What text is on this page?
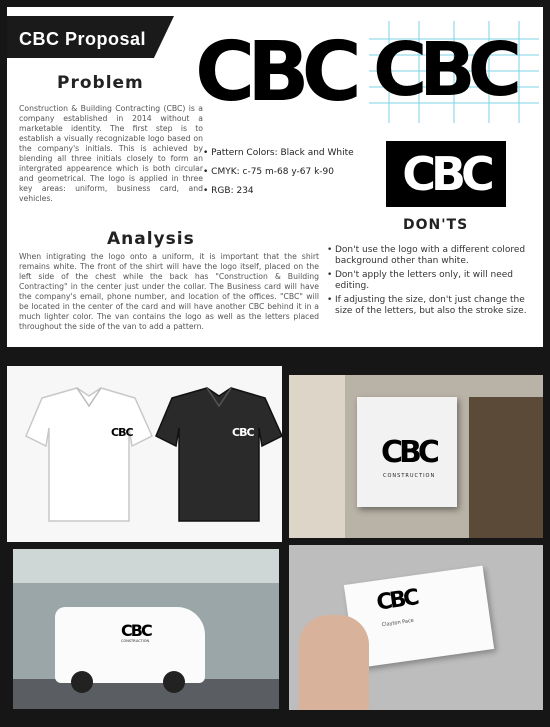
CBC Proposal
Problem
Construction & Building Contracting (CBC) is a company established in 2014 without a marketable identity. The first step is to establish a visually recognizable logo based on the company's initials. This is achieved by blending all three initials closely to form an intergrated appearence which is both circular and geometrical. The logo is applied in three key areas: uniform, business card, and vehicles.
Analysis
When intigrating the logo onto a uniform, it is important that the shirt remains white. The front of the shirt will have the logo itself, placed on the left side of the chest while the back has "Construction & Building Contracting" in the center just under the collar. The Business card will have the company's email, phone number, and location of the offices. "CBC" will be located in the center of the card and will have another CBC behind it in a much lighter color. The van contains the logo as well as the letters placed throughout the side of the van to add a pattern.
CBC CBC
CBC
• Pattern Colors: Black and White
• CMYK: c-75 m-68 y-67 k-90
• RGB: 234
DON'TS
• Don't use the logo with a different colored background other than white.
• Don't apply the letters only, it will need editing.
• If adjusting the size, don't just change the size of the letters, but also the stroke size.
CBC	CBC
CBC
CONSTRUCTION
CBC
CONSTRUCTION
CBC
Clayton Pace
